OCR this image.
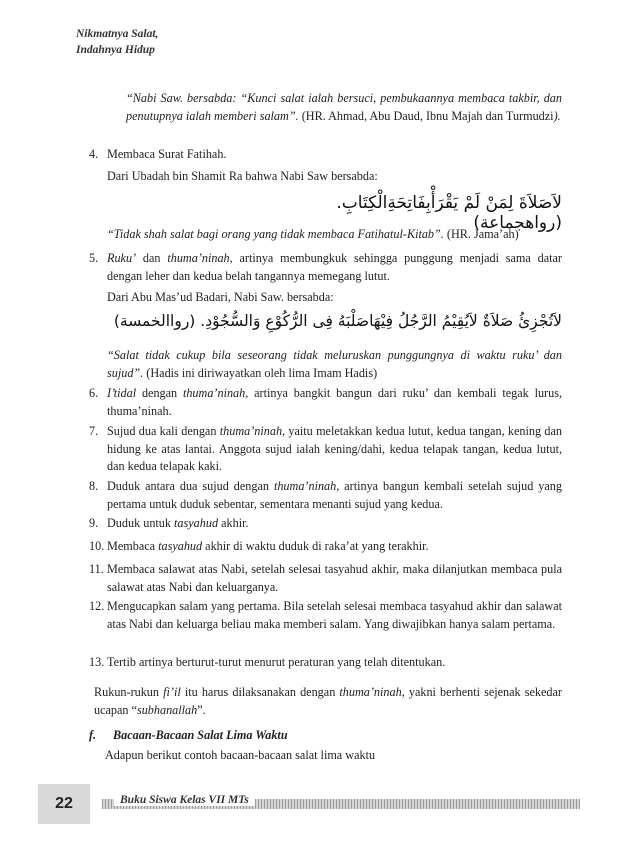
Nikmatnya Salat,
Indahnya Hidup
“Nabi Saw. bersabda: “Kunci salat ialah bersuci, pembukaannya membaca takbir, dan penutupnya ialah memberi salam”. (HR. Ahmad, Abu Daud, Ibnu Majah dan Turmudzi).
4. Membaca Surat Fatihah.
Dari Ubadah bin Shamit Ra bahwa Nabi Saw bersabda:
لاَصَلاَةَ لِمَنْ لَمْ يَقْرَأْبِفَاتِحَةِالْكِتَابِ.(رواهجماعة)
“Tidak shah salat bagi orang yang tidak membaca Fatihatul-Kitab”. (HR. Jama’ah)
5. Ruku’ dan thuma’ninah, artinya membungkuk sehingga punggung menjadi sama datar dengan leher dan kedua belah tangannya memegang lutut.
Dari Abu Mas’ud Badari, Nabi Saw. bersabda:
لاَتُجْزِئُ صَلاَةٌ لاَيُقِيْمُ الرَّجُلُ فِيْهَاصَلْبَهُ فِى الرُّكُوْعِ وَالسُّجُوْدِ. (رواالخمسة)
“Salat tidak cukup bila seseorang tidak meluruskan punggungnya di waktu ruku’ dan sujud”. (Hadis ini diriwayatkan oleh lima Imam Hadis)
6. I’tidal dengan thuma’ninah, artinya bangkit bangun dari ruku’ dan kembali tegak lurus, thuma’ninah.
7. Sujud dua kali dengan thuma’ninah, yaitu meletakkan kedua lutut, kedua tangan, kening dan hidung ke atas lantai. Anggota sujud ialah kening/dahi, kedua telapak tangan, kedua lutut, dan kedua telapak kaki.
8. Duduk antara dua sujud dengan thuma’ninah, artinya bangun kembali setelah sujud yang pertama untuk duduk sebentar, sementara menanti sujud yang kedua.
9. Duduk untuk tasyahud akhir.
10. Membaca tasyahud akhir di waktu duduk di raka’at yang terakhir.
11. Membaca salawat atas Nabi, setelah selesai tasyahud akhir, maka dilanjutkan membaca pula salawat atas Nabi dan keluarganya.
12. Mengucapkan salam yang pertama. Bila setelah selesai membaca tasyahud akhir dan salawat atas Nabi dan keluarga beliau maka memberi salam. Yang diwajibkan hanya salam pertama.
13. Tertib artinya berturut-turut menurut peraturan yang telah ditentukan.
Rukun-rukun fi’il itu harus dilaksanakan dengan thuma’ninah, yakni berhenti sejenak sekedar ucapan “subhanallah”.
f. Bacaan-Bacaan Salat Lima Waktu
Adapun berikut contoh bacaan-bacaan salat lima waktu
22	Buku Siswa Kelas VII MTs
